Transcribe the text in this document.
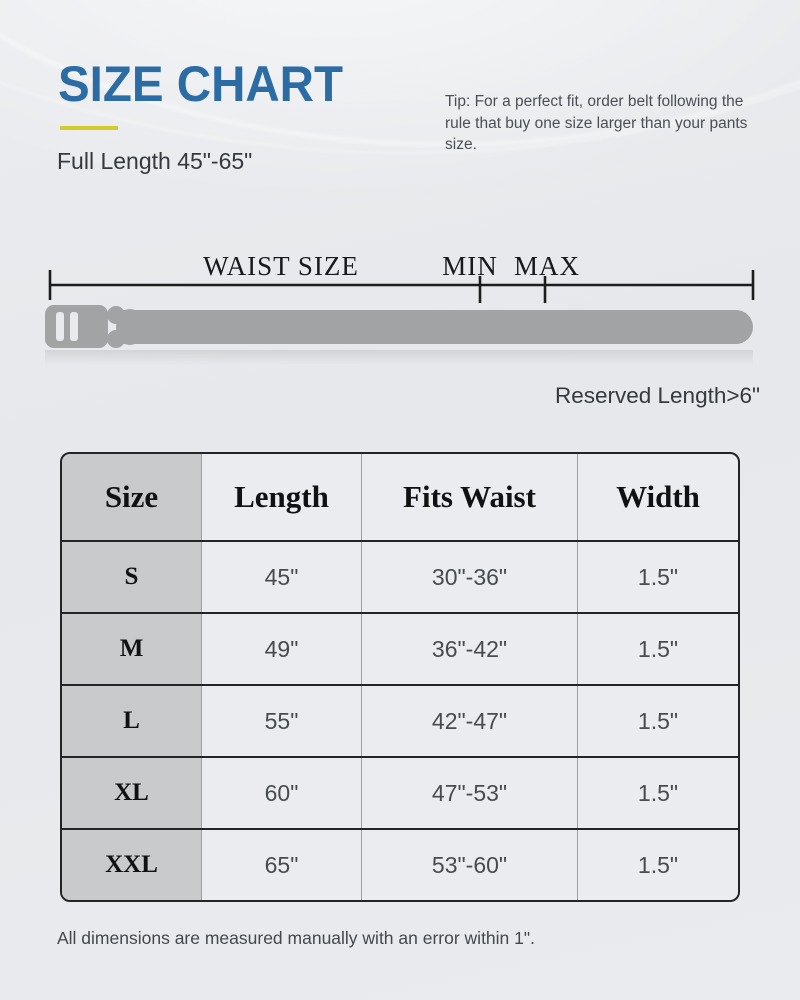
SIZE CHART
Full Length 45"-65"
Tip: For a perfect fit, order belt following the
rule that buy one size larger than your pants size.
WAIST SIZE	MIN MAX
Reserved Length>6"
Size	Length	Fits Waist	Width
S	45"	30"-36"	1.5"
M	49"	36"-42"	1.5"
L	55"	42"-47"	1.5"
XL	60"	47"-53"	1.5"
XXL	65"	53"-60"	1.5"
All dimensions are measured manually with an error within 1".
